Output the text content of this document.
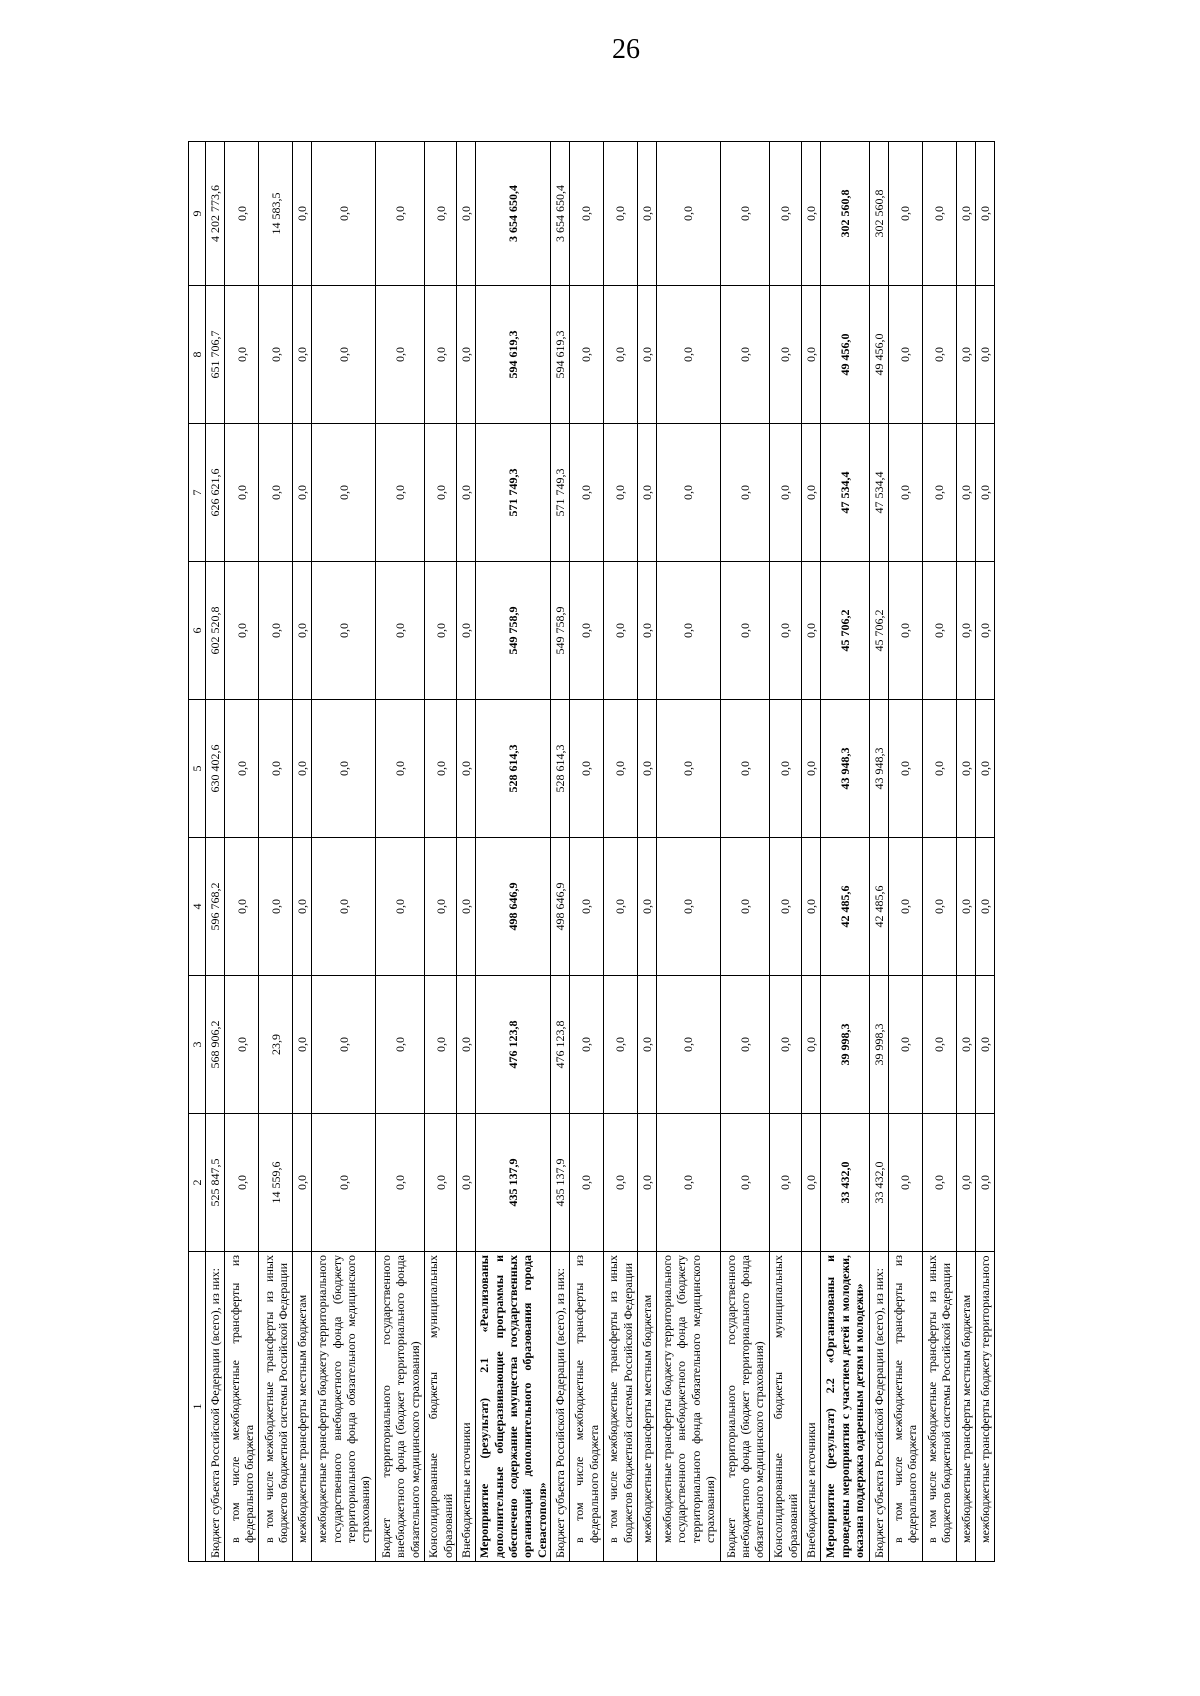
26
1	2	3	4	5	6	7	8	9
Бюджет субъекта Российской Федерации (всего), из них:	525 847,5	568 906,2	596 768,2	630 402,6	602 520,8	626 621,6	651 706,7	4 202 773,6
в том числе межбюджетные трансферты из федерального бюджета	0,0	0,0	0,0	0,0	0,0	0,0	0,0	0,0
в том числе межбюджетные трансферты из иных бюджетов бюджетной системы Российской Федерации	14 559,6	23,9	0,0	0,0	0,0	0,0	0,0	14 583,5
межбюджетные трансферты местным бюджетам	0,0	0,0	0,0	0,0	0,0	0,0	0,0	0,0
межбюджетные трансферты бюджету территориального государственного внебюджетного фонда (бюджету территориального фонда обязательного медицинского страхования)	0,0	0,0	0,0	0,0	0,0	0,0	0,0	0,0
Бюджет территориального государственного внебюджетного фонда (бюджет территориального фонда обязательного медицинского страхования)	0,0	0,0	0,0	0,0	0,0	0,0	0,0	0,0
Консолидированные бюджеты муниципальных образований	0,0	0,0	0,0	0,0	0,0	0,0	0,0	0,0
Внебюджетные источники	0,0	0,0	0,0	0,0	0,0	0,0	0,0	0,0
Мероприятие (результат) 2.1 «Реализованы дополнительные общеразвивающие программы и обеспечено содержание имущества государственных организаций дополнительного образования города Севастополя»	435 137,9	476 123,8	498 646,9	528 614,3	549 758,9	571 749,3	594 619,3	3 654 650,4
Бюджет субъекта Российской Федерации (всего), из них:	435 137,9	476 123,8	498 646,9	528 614,3	549 758,9	571 749,3	594 619,3	3 654 650,4
в том числе межбюджетные трансферты из федерального бюджета	0,0	0,0	0,0	0,0	0,0	0,0	0,0	0,0
в том числе межбюджетные трансферты из иных бюджетов бюджетной системы Российской Федерации	0,0	0,0	0,0	0,0	0,0	0,0	0,0	0,0
межбюджетные трансферты местным бюджетам	0,0	0,0	0,0	0,0	0,0	0,0	0,0	0,0
межбюджетные трансферты бюджету территориального государственного внебюджетного фонда (бюджету территориального фонда обязательного медицинского страхования)	0,0	0,0	0,0	0,0	0,0	0,0	0,0	0,0
Бюджет территориального государственного внебюджетного фонда (бюджет территориального фонда обязательного медицинского страхования)	0,0	0,0	0,0	0,0	0,0	0,0	0,0	0,0
Консолидированные бюджеты муниципальных образований	0,0	0,0	0,0	0,0	0,0	0,0	0,0	0,0
Внебюджетные источники	0,0	0,0	0,0	0,0	0,0	0,0	0,0	0,0
Мероприятие (результат) 2.2 «Организованы и проведены мероприятия с участием детей и молодежи, оказана поддержка одаренным детям и молодежи»	33 432,0	39 998,3	42 485,6	43 948,3	45 706,2	47 534,4	49 456,0	302 560,8
Бюджет субъекта Российской Федерации (всего), из них:	33 432,0	39 998,3	42 485,6	43 948,3	45 706,2	47 534,4	49 456,0	302 560,8
в том числе межбюджетные трансферты из федерального бюджета	0,0	0,0	0,0	0,0	0,0	0,0	0,0	0,0
в том числе межбюджетные трансферты из иных бюджетов бюджетной системы Российской Федерации	0,0	0,0	0,0	0,0	0,0	0,0	0,0	0,0
межбюджетные трансферты местным бюджетам	0,0	0,0	0,0	0,0	0,0	0,0	0,0	0,0
межбюджетные трансферты бюджету территориального	0,0	0,0	0,0	0,0	0,0	0,0	0,0	0,0
